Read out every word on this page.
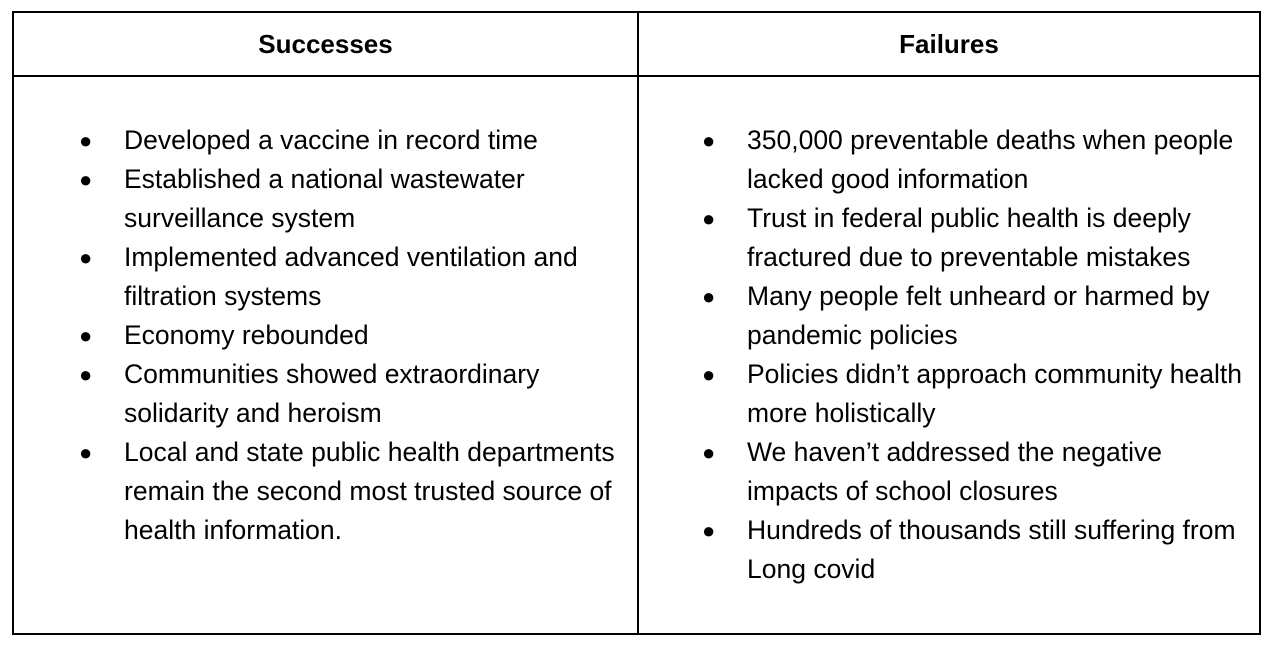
Successes
● Developed a vaccine in record time
● Established a national wastewater surveillance system
● Implemented advanced ventilation and filtration systems
● Economy rebounded
● Communities showed extraordinary solidarity and heroism
● Local and state public health departments remain the second most trusted source of health information.
Failures
● 350,000 preventable deaths when people lacked good information
● Trust in federal public health is deeply fractured due to preventable mistakes
● Many people felt unheard or harmed by pandemic policies
● Policies didn’t approach community health more holistically
● We haven’t addressed the negative impacts of school closures
● Hundreds of thousands still suffering from Long covid
